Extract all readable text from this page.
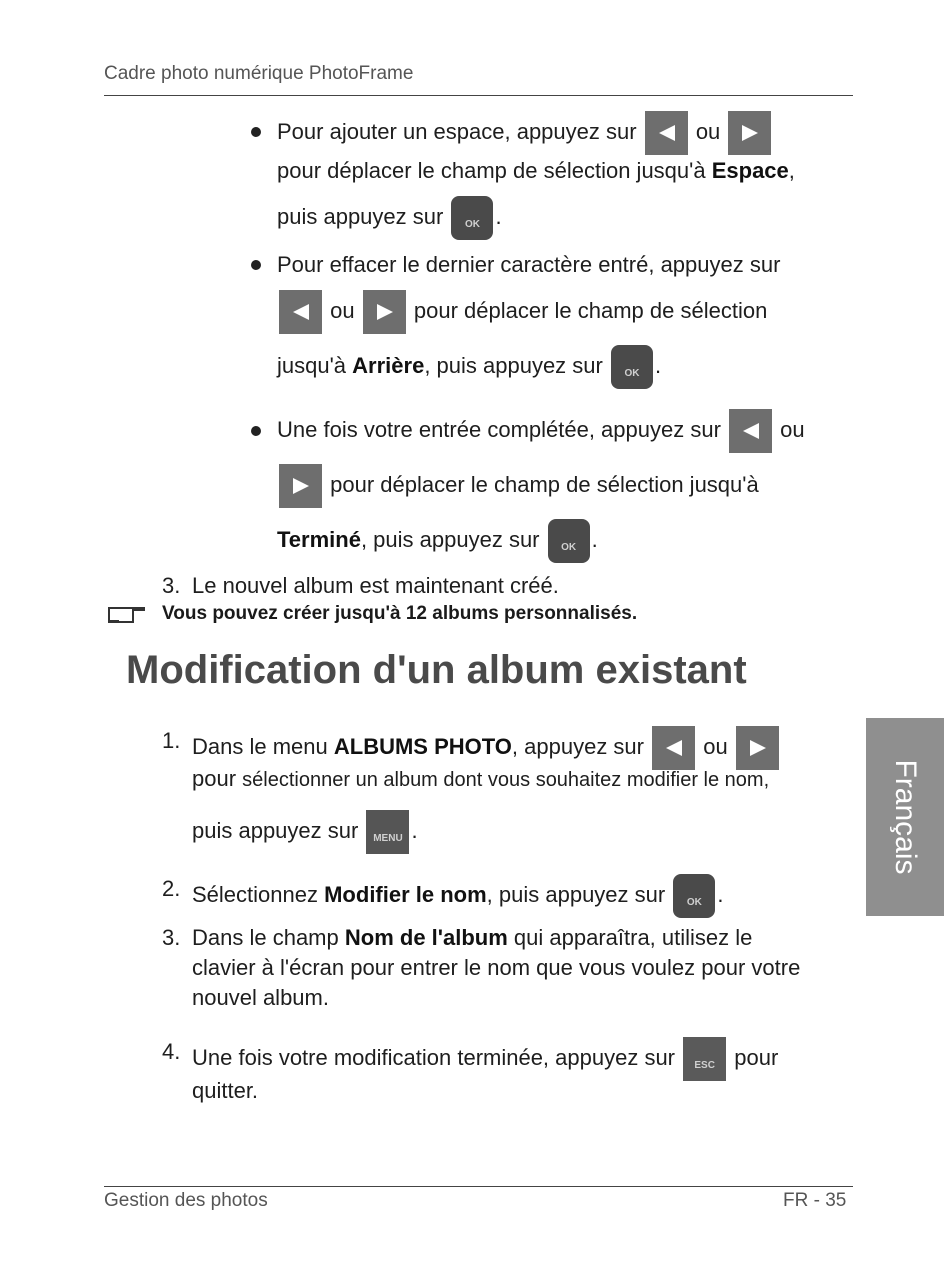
Cadre photo numérique PhotoFrame
Pour ajouter un espace, appuyez sur	ou
pour déplacer le champ de sélection jusqu'à Espace,
puis appuyez sur	OK .
Pour effacer le dernier caractère entré, appuyez sur
ou	pour déplacer le champ de sélection
jusqu'à Arrière, puis appuyez sur	OK .
Une fois votre entrée complétée, appuyez sur	ou
pour déplacer le champ de sélection jusqu'à
Terminé, puis appuyez sur	OK .
3. Le nouvel album est maintenant créé.
Vous pouvez créer jusqu'à 12 albums personnalisés.
Modification d'un album existant
1. Dans le menu ALBUMS PHOTO, appuyez sur	ou
pour sélectionner un album dont vous souhaitez modifier le nom,
puis appuyez sur	MENU .
2. Sélectionnez Modifier le nom, puis appuyez sur	OK .
3. Dans le champ Nom de l'album qui apparaîtra, utilisez le
clavier à l'écran pour entrer le nom que vous voulez pour votre
nouvel album.
4. Une fois votre modification terminée, appuyez sur	ESC pour
quitter.
Français
Gestion des photos	FR - 35
